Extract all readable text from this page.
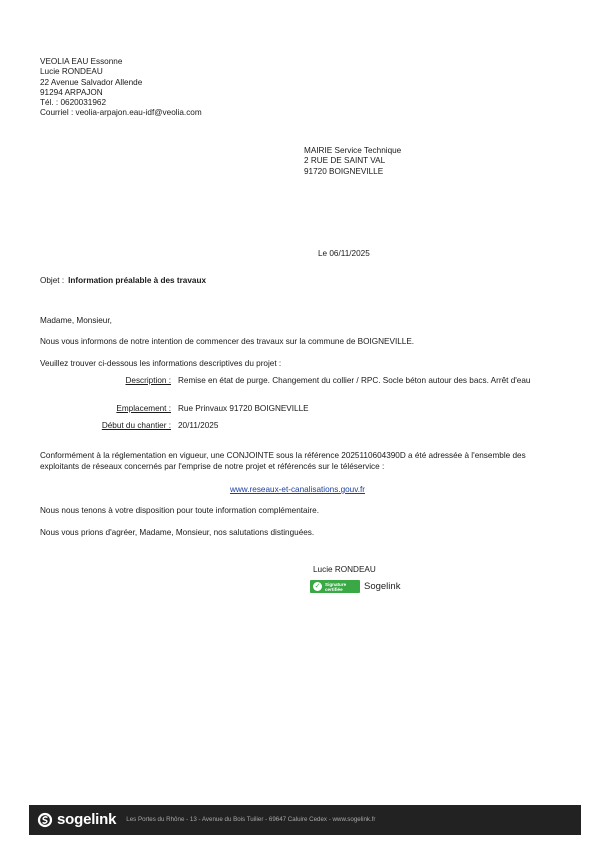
VEOLIA EAU Essonne
Lucie RONDEAU
22 Avenue Salvador Allende
91294 ARPAJON
Tél. : 0620031962
Courriel : veolia-arpajon.eau-idf@veolia.com
MAIRIE Service Technique
2 RUE DE SAINT VAL
91720 BOIGNEVILLE
Le 06/11/2025
Objet : Information préalable à des travaux
Madame, Monsieur,
Nous vous informons de notre intention de commencer des travaux sur la commune de BOIGNEVILLE.
Veuillez trouver ci-dessous les informations descriptives du projet :
Description : Remise en état de purge. Changement du collier / RPC. Socle béton autour des bacs. Arrêt d'eau
Emplacement : Rue Prinvaux 91720 BOIGNEVILLE
Début du chantier : 20/11/2025
Conformément à la réglementation en vigueur, une CONJOINTE sous la référence 2025110604390D a été adressée à l'ensemble des exploitants de réseaux concernés par l'emprise de notre projet et référencés sur le téléservice :
www.reseaux-et-canalisations.gouv.fr
Nous nous tenons à votre disposition pour toute information complémentaire.
Nous vous prions d'agréer, Madame, Monsieur, nos salutations distinguées.
Lucie RONDEAU
✓ Signature certifiée	Sogelink
sogelink Les Portes du Rhône - 13 - Avenue du Bois Tuilier - 69647 Caluire Cedex - www.sogelink.fr
